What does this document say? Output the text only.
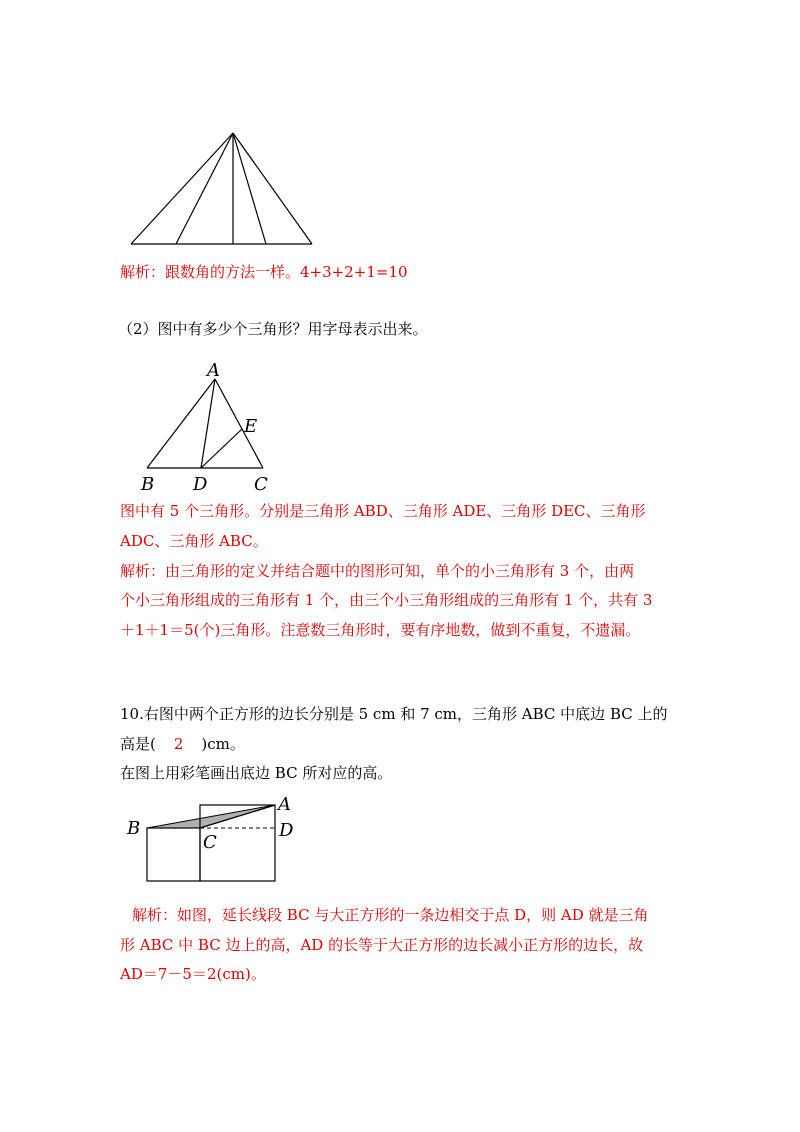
解析：跟数角的方法一样。4+3+2+1=10
（2）图中有多少个三角形？用字母表示出来。
A
E
B D	C
图中有 5 个三角形。分别是三角形 ABD、三角形 ADE、三角形 DEC、三角形
ADC、三角形 ABC。
解析：由三角形的定义并结合题中的图形可知，单个的小三角形有 3 个，由两
个小三角形组成的三角形有 1 个，由三个小三角形组成的三角形有 1 个，共有 3
＋1＋1＝5(个)三角形。注意数三角形时，要有序地数，做到不重复，不遗漏。
10.右图中两个正方形的边长分别是 5 cm 和 7 cm，三角形 ABC 中底边 BC 上的
高是( 2 )cm。
在图上用彩笔画出底边 BC 所对应的高。
B
A
D
C
解析：如图，延长线段 BC 与大正方形的一条边相交于点 D，则 AD 就是三角
形 ABC 中 BC 边上的高，AD 的长等于大正方形的边长减小正方形的边长，故
AD＝7－5＝2(cm)。
